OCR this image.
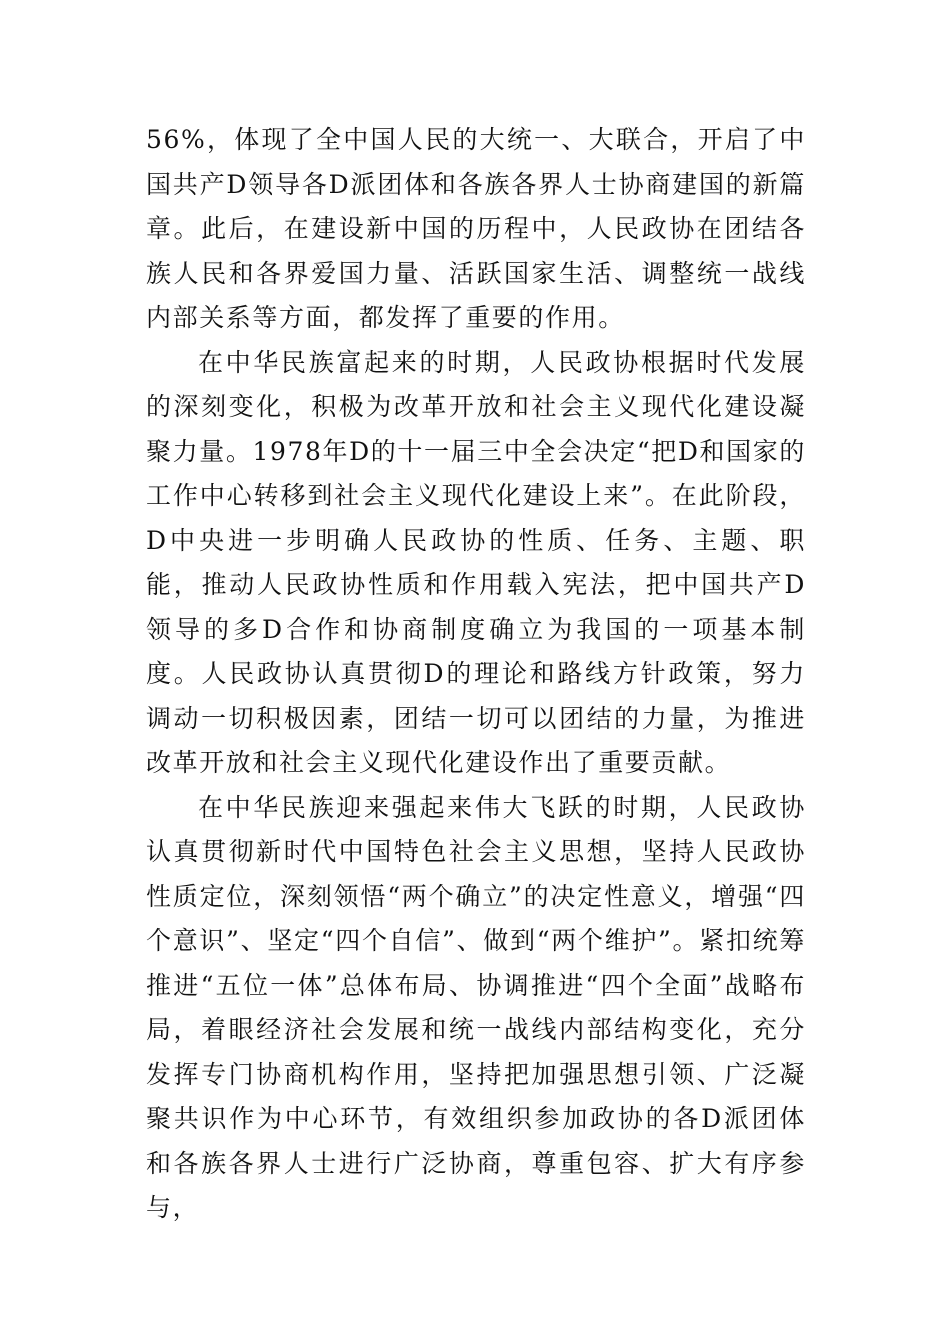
56%，体现了全中国人民的大统一、大联合，开启了中国共产D领导各D派团体和各族各界人士协商建国的新篇章。此后，在建设新中国的历程中，人民政协在团结各族人民和各界爱国力量、活跃国家生活、调整统一战线内部关系等方面，都发挥了重要的作用。

在中华民族富起来的时期，人民政协根据时代发展的深刻变化，积极为改革开放和社会主义现代化建设凝聚力量。1978年D的十一届三中全会决定“把D和国家的工作中心转移到社会主义现代化建设上来”。在此阶段，D中央进一步明确人民政协的性质、任务、主题、职能，推动人民政协性质和作用载入宪法，把中国共产D领导的多D合作和协商制度确立为我国的一项基本制度。人民政协认真贯彻D的理论和路线方针政策，努力调动一切积极因素，团结一切可以团结的力量，为推进改革开放和社会主义现代化建设作出了重要贡献。

在中华民族迎来强起来伟大飞跃的时期，人民政协认真贯彻新时代中国特色社会主义思想，坚持人民政协性质定位，深刻领悟“两个确立”的决定性意义，增强“四个意识”、坚定“四个自信”、做到“两个维护”。紧扣统筹推进“五位一体”总体布局、协调推进“四个全面”战略布局，着眼经济社会发展和统一战线内部结构变化，充分发挥专门协商机构作用，坚持把加强思想引领、广泛凝聚共识作为中心环节，有效组织参加政协的各D派团体和各族各界人士进行广泛协商，尊重包容、扩大有序参与，
